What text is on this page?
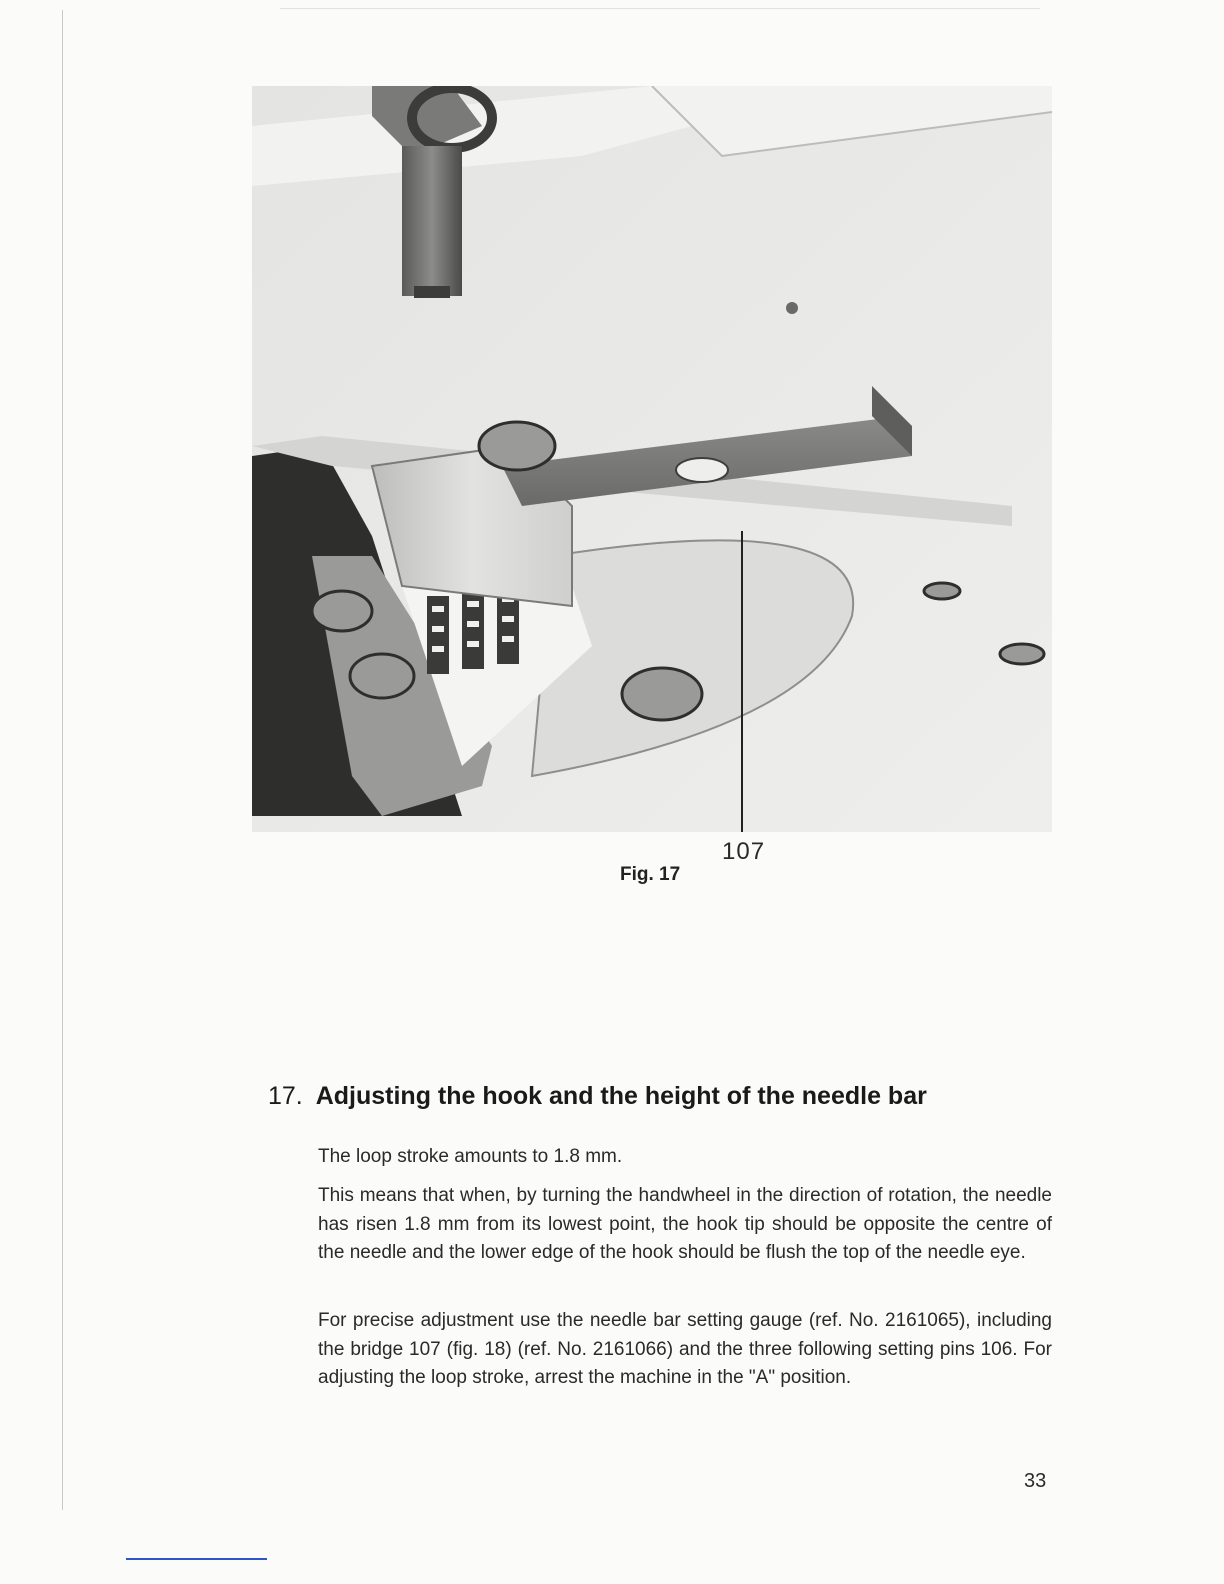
107
Fig. 17
17. Adjusting the hook and the height of the needle bar

The loop stroke amounts to 1.8 mm.

This means that when, by turning the handwheel in the direction of rotation, the needle has risen 1.8 mm from its lowest point, the hook tip should be opposite the centre of the needle and the lower edge of the hook should be flush the top of the needle eye.

For precise adjustment use the needle bar setting gauge (ref. No. 2161065), including the bridge 107 (fig. 18) (ref. No. 2161066) and the three following setting pins 106. For adjusting the loop stroke, arrest the machine in the "A" position.

33
